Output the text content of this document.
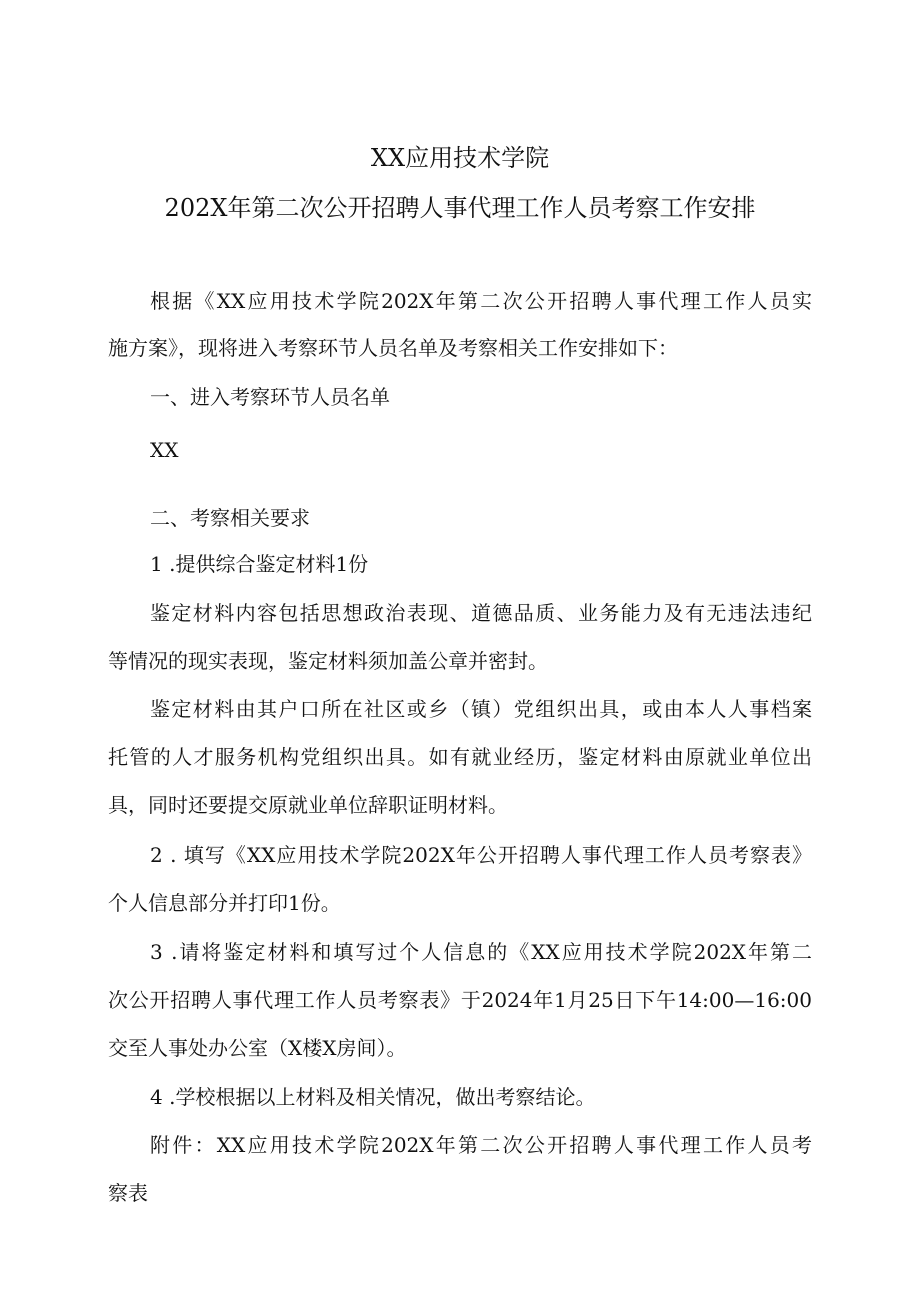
XX应用技术学院
202X年第二次公开招聘人事代理工作人员考察工作安排
根据《XX应用技术学院202X年第二次公开招聘人事代理工作人员实
施方案》，现将进入考察环节人员名单及考察相关工作安排如下：
一、进入考察环节人员名单
XX
二、考察相关要求
1 .提供综合鉴定材料1份
鉴定材料内容包括思想政治表现、道德品质、业务能力及有无违法违纪
等情况的现实表现，鉴定材料须加盖公章并密封。
鉴定材料由其户口所在社区或乡（镇）党组织出具，或由本人人事档案
托管的人才服务机构党组织出具。如有就业经历，鉴定材料由原就业单位出
具，同时还要提交原就业单位辞职证明材料。
2 . 填写《XX应用技术学院202X年公开招聘人事代理工作人员考察表》
个人信息部分并打印1份。
3 .请将鉴定材料和填写过个人信息的《XX应用技术学院202X年第二
次公开招聘人事代理工作人员考察表》于2024年1月25日下午14:00—16:00
交至人事处办公室（X楼X房间）。
4 .学校根据以上材料及相关情况，做出考察结论。
附件：XX应用技术学院202X年第二次公开招聘人事代理工作人员考
察表
